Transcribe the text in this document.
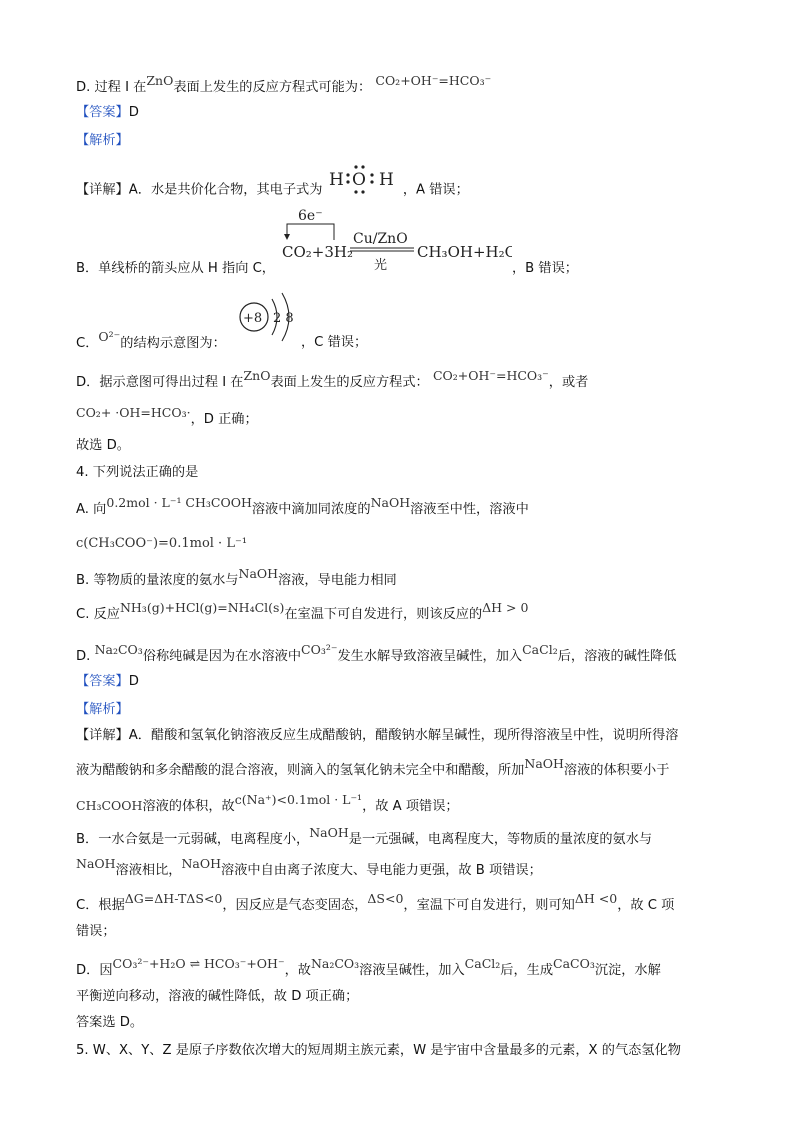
D. 过程 I 在ZnO表面上发生的反应方程式可能为： CO₂+OH⁻=HCO₃⁻
【答案】D
【解析】
【详解】A．水是共价化合物，其电子式为 H O H ，A 错误；
B．单线桥的箭头应从 H 指向 C，
6e⁻
CO₂+3H₂
Cu/ZnO
光
CH₃OH+H₂O
，B 错误；
C．O²⁻的结构示意图为：
+8 2 8
，C 错误；
D．据示意图可得出过程 I 在ZnO表面上发生的反应方程式： CO₂+OH⁻=HCO₃⁻，或者
CO₂+ ·OH=HCO₃·，D 正确；
故选 D。
4. 下列说法正确的是
A. 向0.2mol · L⁻¹ CH₃COOH溶液中滴加同浓度的NaOH溶液至中性，溶液中
c(CH₃COO⁻)=0.1mol · L⁻¹
B. 等物质的量浓度的氨水与NaOH溶液，导电能力相同
C. 反应NH₃(g)+HCl(g)=NH₄Cl(s)在室温下可自发进行，则该反应的ΔH > 0
D. Na₂CO₃俗称纯碱是因为在水溶液中CO₃²⁻发生水解导致溶液呈碱性，加入CaCl₂后，溶液的碱性降低
【答案】D
【解析】
【详解】A．醋酸和氢氧化钠溶液反应生成醋酸钠，醋酸钠水解呈碱性，现所得溶液呈中性，说明所得溶
液为醋酸钠和多余醋酸的混合溶液，则滴入的氢氧化钠未完全中和醋酸，所加NaOH溶液的体积要小于
CH₃COOH溶液的体积，故c(Na⁺)<0.1mol · L⁻¹，故 A 项错误；
B．一水合氨是一元弱碱，电离程度小，NaOH是一元强碱，电离程度大，等物质的量浓度的氨水与
NaOH溶液相比，NaOH溶液中自由离子浓度大、导电能力更强，故 B 项错误；
C．根据ΔG=ΔH-TΔS<0，因反应是气态变固态，ΔS<0，室温下可自发进行，则可知ΔH <0，故 C 项
错误；
D．因CO₃²⁻+H₂O ⇌ HCO₃⁻+OH⁻，故Na₂CO₃溶液呈碱性，加入CaCl₂后，生成CaCO₃沉淀，水解
平衡逆向移动，溶液的碱性降低，故 D 项正确；
答案选 D。
5. W、X、Y、Z 是原子序数依次增大的短周期主族元素，W 是宇宙中含量最多的元素，X 的气态氢化物
